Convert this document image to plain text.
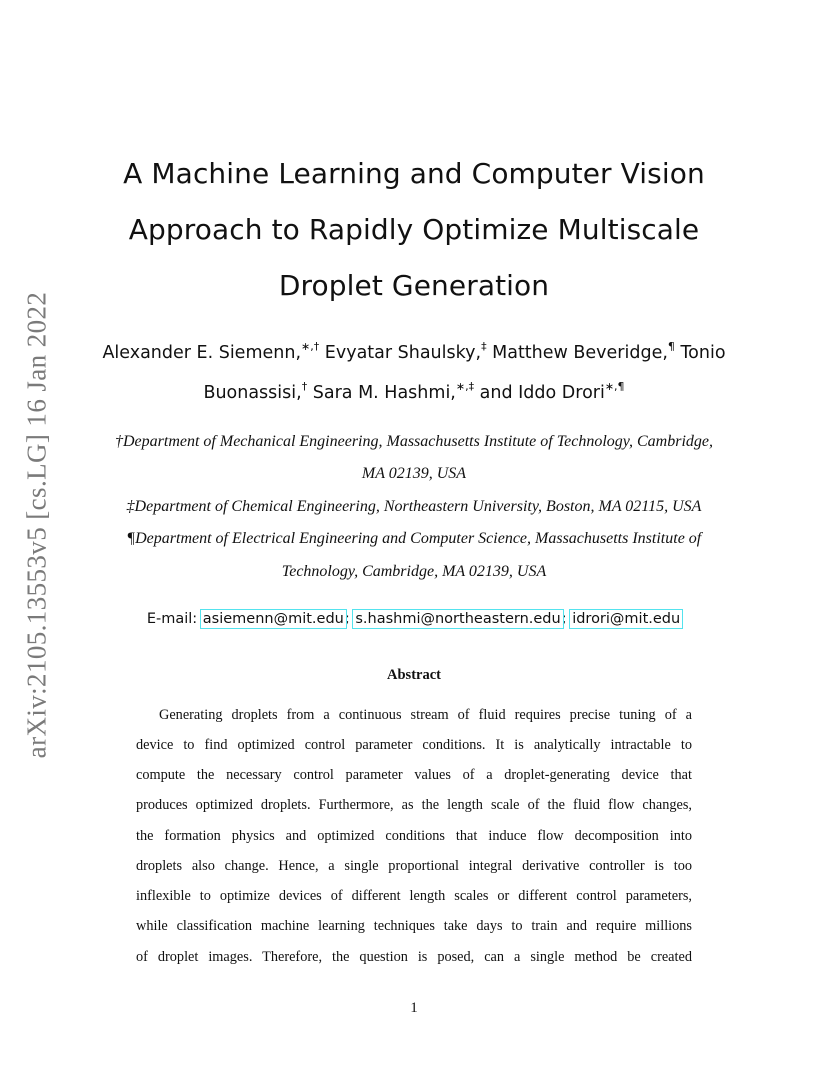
arXiv:2105.13553v5 [cs.LG] 16 Jan 2022
A Machine Learning and Computer Vision
Approach to Rapidly Optimize Multiscale
Droplet Generation
Alexander E. Siemenn,∗,† Evyatar Shaulsky,‡ Matthew Beveridge,¶ Tonio
Buonassisi,† Sara M. Hashmi,∗,‡ and Iddo Drori∗,¶
†Department of Mechanical Engineering, Massachusetts Institute of Technology, Cambridge,
MA 02139, USA
‡Department of Chemical Engineering, Northeastern University, Boston, MA 02115, USA
¶Department of Electrical Engineering and Computer Science, Massachusetts Institute of
Technology, Cambridge, MA 02139, USA
E-mail: asiemenn@mit.edu; s.hashmi@northeastern.edu; idrori@mit.edu
Abstract
Generating droplets from a continuous stream of fluid requires precise tuning of a
device to find optimized control parameter conditions. It is analytically intractable to
compute the necessary control parameter values of a droplet-generating device that
produces optimized droplets. Furthermore, as the length scale of the fluid flow changes,
the formation physics and optimized conditions that induce flow decomposition into
droplets also change. Hence, a single proportional integral derivative controller is too
inflexible to optimize devices of different length scales or different control parameters,
while classification machine learning techniques take days to train and require millions
of droplet images. Therefore, the question is posed, can a single method be created
1
